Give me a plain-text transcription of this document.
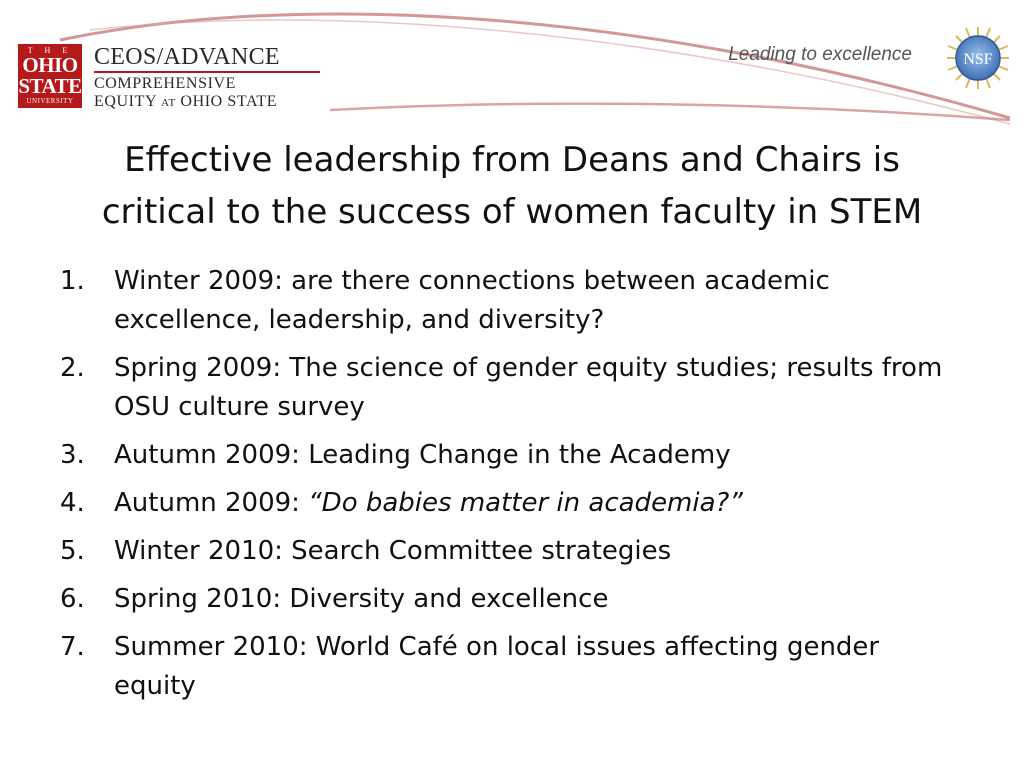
T H E
OHIO
STATE
UNIVERSITY
CEOS/ADVANCE
COMPREHENSIVE
EQUITY AT OHIO STATE
Leading to excellence	NSF
Effective leadership from Deans and Chairs is
critical to the success of women faculty in STEM
1.	Winter 2009: are there connections between academic excellence, leadership, and diversity?
2.	Spring 2009: The science of gender equity studies; results from OSU culture survey
3.	Autumn 2009: Leading Change in the Academy
4.	Autumn 2009: “Do babies matter in academia?”
5.	Winter 2010: Search Committee strategies
6.	Spring 2010: Diversity and excellence
7.	Summer 2010: World Café on local issues affecting gender equity
